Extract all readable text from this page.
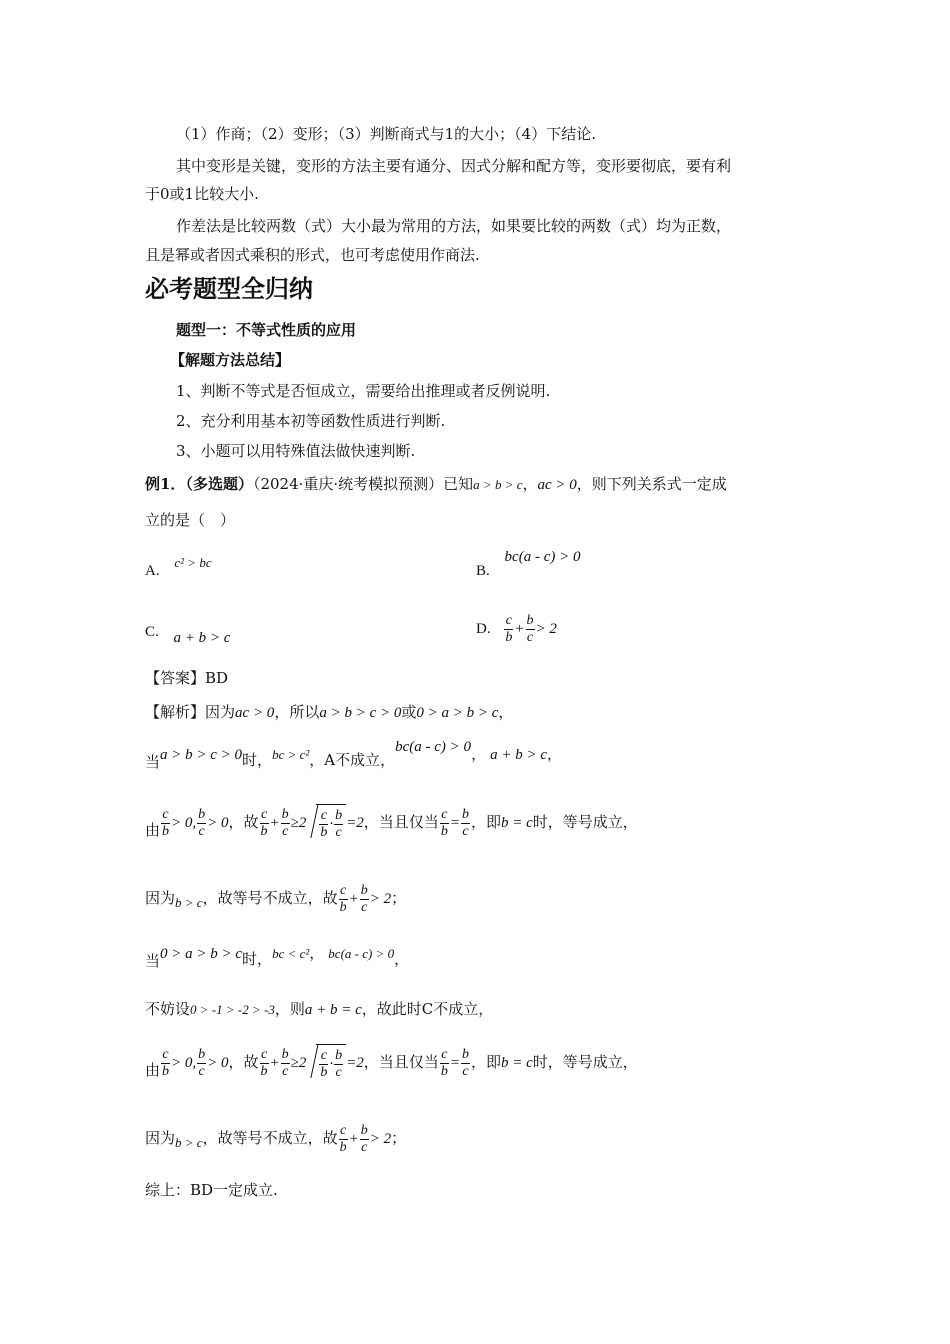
（1）作商；（2）变形；（3）判断商式与1的大小；（4）下结论.
其中变形是关键，变形的方法主要有通分、因式分解和配方等，变形要彻底，要有利
于0或1比较大小.
作差法是比较两数（式）大小最为常用的方法，如果要比较的两数（式）均为正数，
且是幂或者因式乘积的形式，也可考虑使用作商法.
必考题型全归纳
题型一：不等式性质的应用
【解题方法总结】
1、判断不等式是否恒成立，需要给出推理或者反例说明.
2、充分利用基本初等函数性质进行判断.
3、小题可以用特殊值法做快速判断.
例1．（多选题）（2024·重庆·统考模拟预测）已知a > b > c，ac > 0，则下列关系式一定成
立的是（　）
A. c² > bc
B. bc(a - c) > 0
C. a + b > c
D. $\frac{c}{b} + \frac{b}{c} > 2$
【答案】BD
【解析】因为ac > 0，所以a > b > c > 0或0 > a > b > c，
当a > b > c > 0时，bc > c²，A不成立，bc(a - c) > 0， a + b > c，
由 $\frac{c}{b} > 0$, $\frac{b}{c} > 0$，故 $\frac{c}{b} + \frac{b}{c} \ge 2 \frac{c}{b} \cdot \frac{b}{c} =2$，当且仅当 $\frac{c}{b} = \frac{b}{c}$ ，即b = c时，等号成立，
因为b > c，故等号不成立，故 $\frac{c}{b} + \frac{b}{c} > 2$；
当0 > a > b > c时，bc < c²， bc(a - c) > 0，
不妨设0 > -1 > -2 > -3，则a + b = c，故此时C不成立，
由 $\frac{c}{b} > 0$, $\frac{b}{c} > 0$，故 $\frac{c}{b} + \frac{b}{c} \ge 2 \frac{c}{b} \cdot \frac{b}{c} =2$，当且仅当 $\frac{c}{b} = \frac{b}{c}$ ，即b = c时，等号成立，
因为b > c，故等号不成立，故 $\frac{c}{b} + \frac{b}{c} > 2$；
综上：BD一定成立.
